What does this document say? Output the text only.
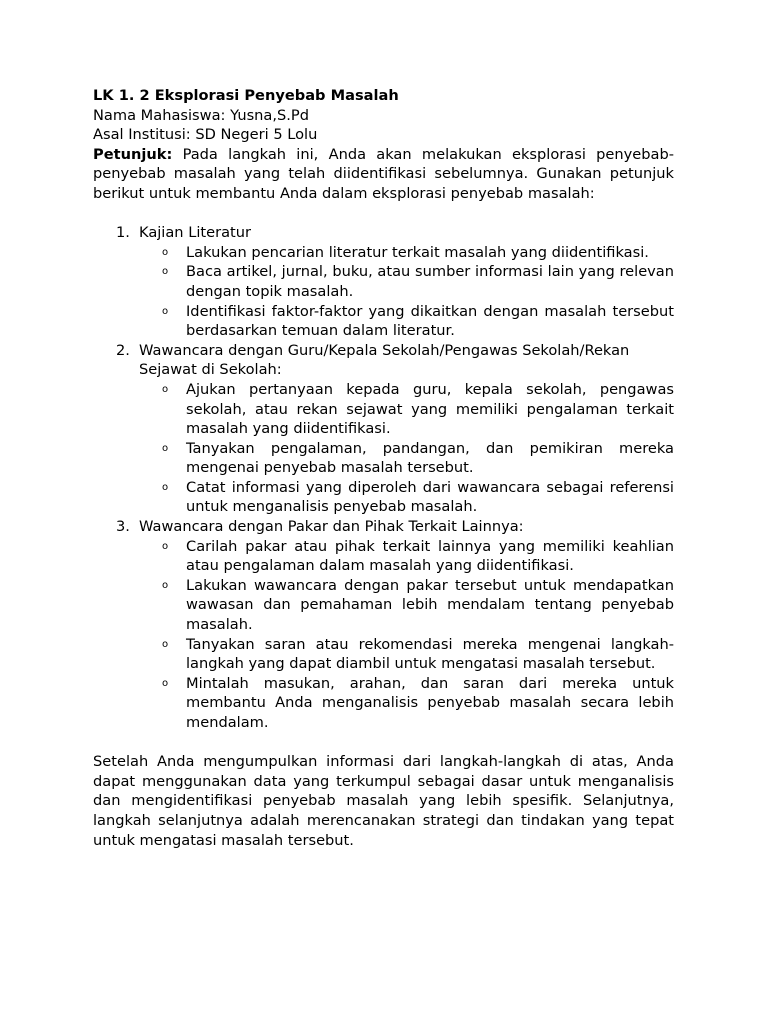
LK 1. 2 Eksplorasi Penyebab Masalah

Nama Mahasiswa: Yusna,S.Pd

Asal Institusi: SD Negeri 5 Lolu

Petunjuk: Pada langkah ini, Anda akan melakukan eksplorasi penyebab-penyebab masalah yang telah diidentifikasi sebelumnya. Gunakan petunjuk berikut untuk membantu Anda dalam eksplorasi penyebab masalah:

1. Kajian Literatur
o Lakukan pencarian literatur terkait masalah yang diidentifikasi.
o Baca artikel, jurnal, buku, atau sumber informasi lain yang relevan dengan topik masalah.
o Identifikasi faktor-faktor yang dikaitkan dengan masalah tersebut berdasarkan temuan dalam literatur.
2. Wawancara dengan Guru/Kepala Sekolah/Pengawas Sekolah/Rekan Sejawat di Sekolah:
o Ajukan pertanyaan kepada guru, kepala sekolah, pengawas sekolah, atau rekan sejawat yang memiliki pengalaman terkait masalah yang diidentifikasi.
o Tanyakan pengalaman, pandangan, dan pemikiran mereka mengenai penyebab masalah tersebut.
o Catat informasi yang diperoleh dari wawancara sebagai referensi untuk menganalisis penyebab masalah.
3. Wawancara dengan Pakar dan Pihak Terkait Lainnya:
o Carilah pakar atau pihak terkait lainnya yang memiliki keahlian atau pengalaman dalam masalah yang diidentifikasi.
o Lakukan wawancara dengan pakar tersebut untuk mendapatkan wawasan dan pemahaman lebih mendalam tentang penyebab masalah.
o Tanyakan saran atau rekomendasi mereka mengenai langkah-langkah yang dapat diambil untuk mengatasi masalah tersebut.
o Mintalah masukan, arahan, dan saran dari mereka untuk membantu Anda menganalisis penyebab masalah secara lebih mendalam.

Setelah Anda mengumpulkan informasi dari langkah-langkah di atas, Anda dapat menggunakan data yang terkumpul sebagai dasar untuk menganalisis dan mengidentifikasi penyebab masalah yang lebih spesifik. Selanjutnya, langkah selanjutnya adalah merencanakan strategi dan tindakan yang tepat untuk mengatasi masalah tersebut.
